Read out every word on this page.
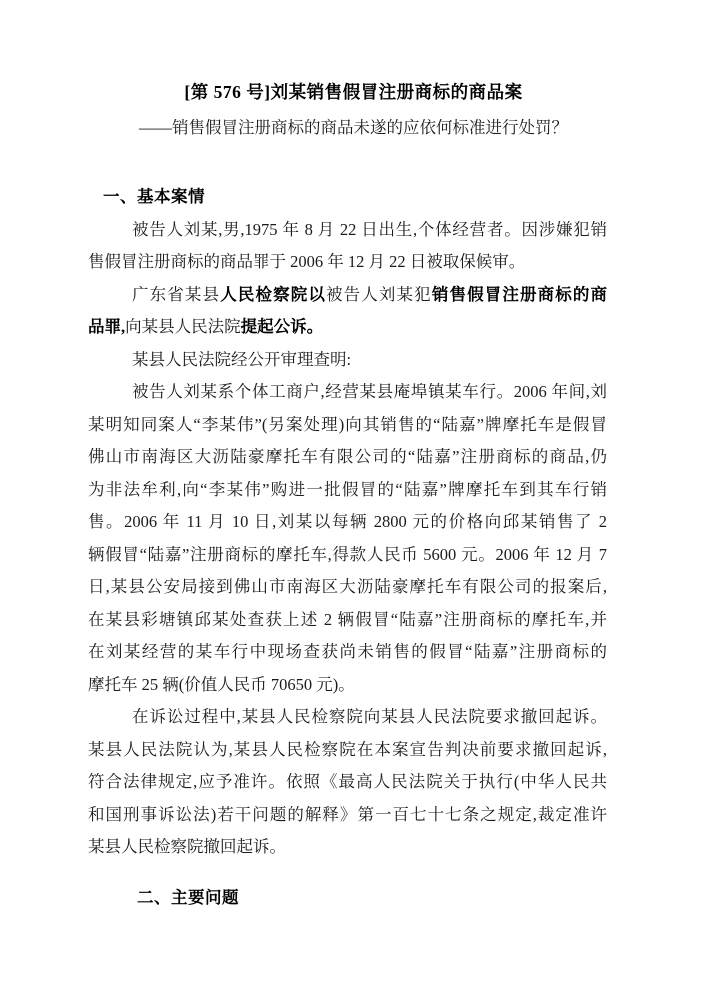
[第 576 号]刘某销售假冒注册商标的商品案
——销售假冒注册商标的商品未遂的应依何标准进行处罚？
一、基本案情
被告人刘某,男,1975 年 8 月 22 日出生,个体经营者。因涉嫌犯销
售假冒注册商标的商品罪于 2006 年 12 月 22 日被取保候审。
广东省某县人民检察院以被告人刘某犯销售假冒注册商标的商
品罪,向某县人民法院提起公诉。
某县人民法院经公开审理查明:
被告人刘某系个体工商户,经营某县庵埠镇某车行。2006 年间,刘
某明知同案人“李某伟”(另案处理)向其销售的“陆嘉”牌摩托车是假冒
佛山市南海区大沥陆豪摩托车有限公司的“陆嘉”注册商标的商品,仍
为非法牟利,向“李某伟”购进一批假冒的“陆嘉”牌摩托车到其车行销
售。2006 年 11 月 10 日,刘某以每辆 2800 元的价格向邱某销售了 2
辆假冒“陆嘉”注册商标的摩托车,得款人民币 5600 元。2006 年 12 月 7
日,某县公安局接到佛山市南海区大沥陆豪摩托车有限公司的报案后,
在某县彩塘镇邱某处查获上述 2 辆假冒“陆嘉”注册商标的摩托车,并
在刘某经营的某车行中现场查获尚未销售的假冒“陆嘉”注册商标的
摩托车 25 辆(价值人民币 70650 元)。
在诉讼过程中,某县人民检察院向某县人民法院要求撤回起诉。
某县人民法院认为,某县人民检察院在本案宣告判决前要求撤回起诉,
符合法律规定,应予准许。依照《最高人民法院关于执行(中华人民共
和国刑事诉讼法)若干问题的解释》第一百七十七条之规定,裁定准许
某县人民检察院撤回起诉。
二、主要问题
